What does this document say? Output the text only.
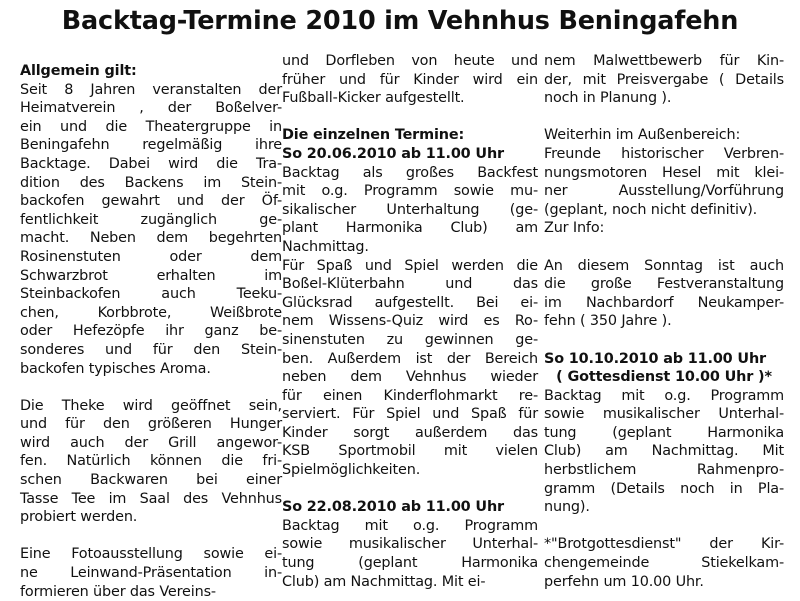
Backtag-Termine 2010 im Vehnhus Beningafehn
Allgemein gilt:
Seit 8 Jahren veranstalten der
Heimatverein , der Boßelver-
ein und die Theatergruppe in
Beningafehn regelmäßig ihre
Backtage. Dabei wird die Tra-
dition des Backens im Stein-
backofen gewahrt und der Öf-
fentlichkeit zugänglich ge-
macht. Neben dem begehrten
Rosinenstuten oder dem
Schwarzbrot erhalten im
Steinbackofen auch Teeku-
chen, Korbbrote, Weißbrote
oder Hefezöpfe ihr ganz be-
sonderes und für den Stein-
backofen typisches Aroma.
Die Theke wird geöffnet sein,
und für den größeren Hunger
wird auch der Grill angewor-
fen. Natürlich können die fri-
schen Backwaren bei einer
Tasse Tee im Saal des Vehnhus
probiert werden.
Eine Fotoausstellung sowie ei-
ne Leinwand-Präsentation in-
formieren über das Vereins-
und Dorfleben von heute und
früher und für Kinder wird ein
Fußball-Kicker aufgestellt.
Die einzelnen Termine:
So 20.06.2010 ab 11.00 Uhr
Backtag als großes Backfest
mit o.g. Programm sowie mu-
sikalischer Unterhaltung (ge-
plant Harmonika Club) am
Nachmittag.
Für Spaß und Spiel werden die
Boßel-Klüterbahn und das
Glücksrad aufgestellt. Bei ei-
nem Wissens-Quiz wird es Ro-
sinenstuten zu gewinnen ge-
ben. Außerdem ist der Bereich
neben dem Vehnhus wieder
für einen Kinderflohmarkt re-
serviert. Für Spiel und Spaß für
Kinder sorgt außerdem das
KSB Sportmobil mit vielen
Spielmöglichkeiten.
So 22.08.2010 ab 11.00 Uhr
Backtag mit o.g. Programm
sowie musikalischer Unterhal-
tung (geplant Harmonika
Club) am Nachmittag. Mit ei-
nem Malwettbewerb für Kin-
der, mit Preisvergabe ( Details
noch in Planung ).
Weiterhin im Außenbereich:
Freunde historischer Verbren-
nungsmotoren Hesel mit klei-
ner Ausstellung/Vorführung
(geplant, noch nicht definitiv).
Zur Info:
An diesem Sonntag ist auch
die große Festveranstaltung
im Nachbardorf Neukamper-
fehn ( 350 Jahre ).
So 10.10.2010 ab 11.00 Uhr
( Gottesdienst 10.00 Uhr )*
Backtag mit o.g. Programm
sowie musikalischer Unterhal-
tung (geplant Harmonika
Club) am Nachmittag. Mit
herbstlichem Rahmenpro-
gramm (Details noch in Pla-
nung).
*"Brotgottesdienst" der Kir-
chengemeinde Stiekelkam-
perfehn um 10.00 Uhr.
